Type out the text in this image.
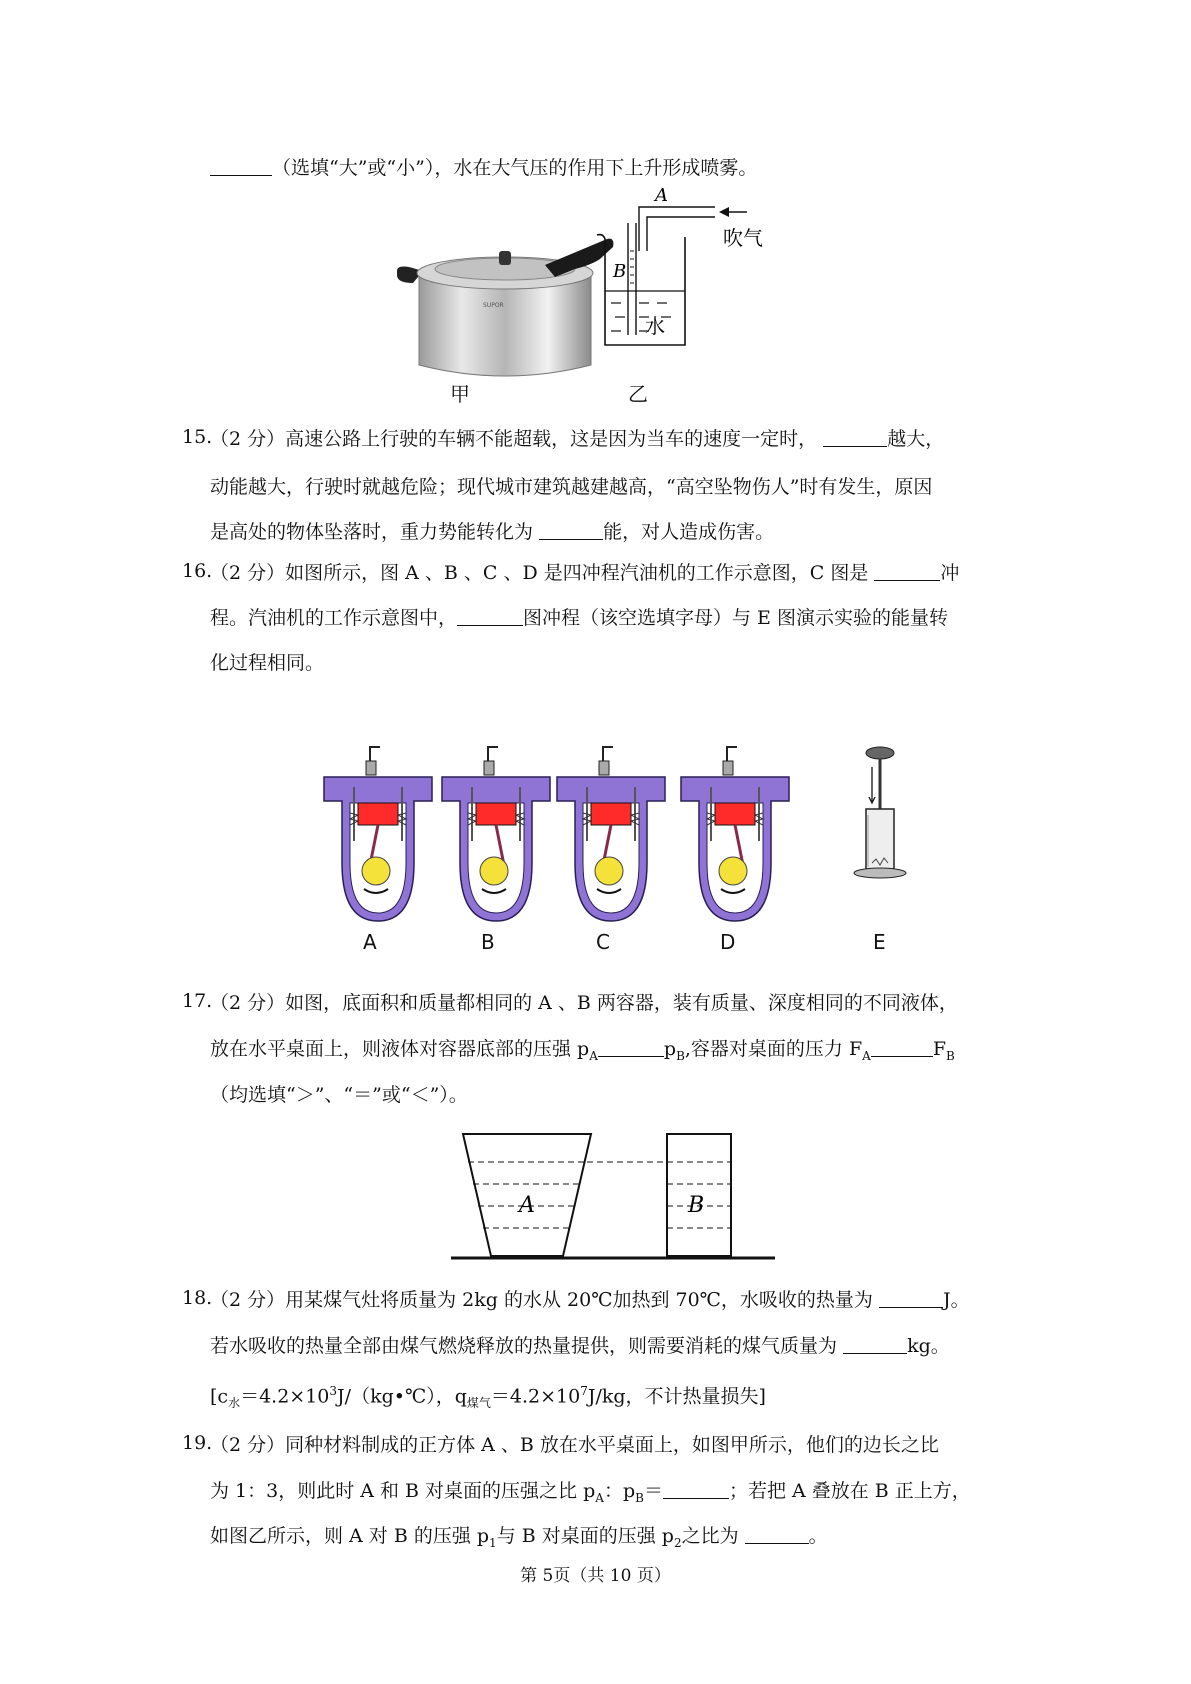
（选填“大”或“小”），水在大气压的作用下上升形成喷雾。
SUPOR
甲
A
B
吹气
水
乙
15.
（2 分）高速公路上行驶的车辆不能超载，这是因为当车的速度一定时，	越大，
动能越大，行驶时就越危险；现代城市建筑越建越高，“高空坠物伤人”时有发生，原因
是高处的物体坠落时，重力势能转化为	能，对人造成伤害。
16.
（2 分）如图所示，图 A 、B 、C 、D 是四冲程汽油机的工作示意图，C 图是	冲
程。汽油机的工作示意图中，	图冲程（该空选填字母）与 E 图演示实验的能量转
化过程相同。
A	B	C	D	E
17.
（2 分）如图，底面积和质量都相同的 A 、B 两容器，装有质量、深度相同的不同液体，
放在水平桌面上，则液体对容器底部的压强 $p_A$	$p_B$,容器对桌面的压力 $F_A$	$F_B$
（均选填“＞”、“＝”或“＜”）。
A	B
18.
（2 分）用某煤气灶将质量为 2kg 的水从 20℃加热到 70℃，水吸收的热量为	J。
若水吸收的热量全部由煤气燃烧释放的热量提供，则需要消耗的煤气质量为	kg。
[$c_水=4.2\times 10^3J/(kg•℃)$，$q_{煤气}=4.2\times 10^7J/kg$，不计热量损失]
19.
（2 分）同种材料制成的正方体 A 、B 放在水平桌面上，如图甲所示，他们的边长之比
为 1：3，则此时 A 和 B 对桌面的压强之比 $p_A$：$p_B=$	；若把 A 叠放在 B 正上方，
如图乙所示，则 A 对 B 的压强 $p_1$与 B 对桌面的压强 $p_2$之比为	。
第 5页（共 10 页）
